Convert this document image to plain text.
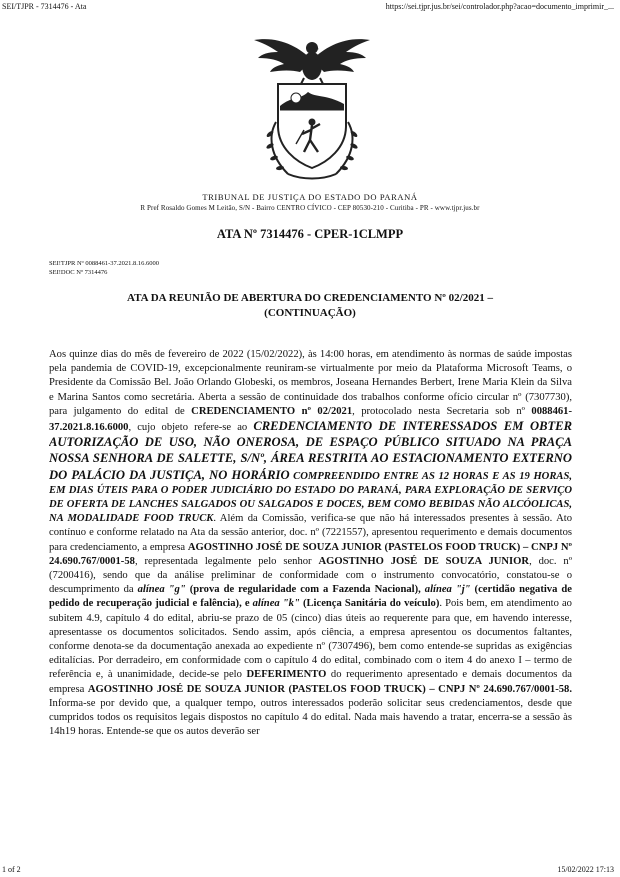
SEI/TJPR - 7314476 - Ata	https://sei.tjpr.jus.br/sei/controlador.php?acao=documento_imprimir_...
TRIBUNAL DE JUSTIÇA DO ESTADO DO PARANÁ
R Pref Rosaldo Gomes M Leitão, S/N - Bairro CENTRO CÍVICO - CEP 80530-210 - Curitiba - PR - www.tjpr.jus.br
ATA Nº 7314476 - CPER-1CLMPP
SEI!TJPR Nº 0088461-37.2021.8.16.6000
SEI!DOC Nº 7314476
ATA DA REUNIÃO DE ABERTURA DO CREDENCIAMENTO Nº 02/2021 – (CONTINUAÇÃO)

Aos quinze dias do mês de fevereiro de 2022 (15/02/2022), às 14:00 horas, em atendimento às normas de saúde impostas pela pandemia de COVID-19, excepcionalmente reuniram-se virtualmente por meio da Plataforma Microsoft Teams, o Presidente da Comissão Bel. João Orlando Globeski, os membros, Joseana Hernandes Berbert, Irene Maria Klein da Silva e Marina Santos como secretária. Aberta a sessão de continuidade dos trabalhos conforme ofício circular nº (7307730), para julgamento do edital de CREDENCIAMENTO nº 02/2021, protocolado nesta Secretaria sob nº 0088461-37.2021.8.16.6000, cujo objeto refere-se ao CREDENCIAMENTO DE INTERESSADOS EM OBTER AUTORIZAÇÃO DE USO, NÃO ONEROSA, DE ESPAÇO PÚBLICO SITUADO NA PRAÇA NOSSA SENHORA DE SALETTE, S/Nº, ÁREA RESTRITA AO ESTACIONAMENTO EXTERNO DO PALÁCIO DA JUSTIÇA, NO HORÁRIO COMPREENDIDO ENTRE AS 12 HORAS E AS 19 HORAS, EM DIAS ÚTEIS PARA O PODER JUDICIÁRIO DO ESTADO DO PARANÁ, PARA EXPLORAÇÃO DE SERVIÇO DE OFERTA DE LANCHES SALGADOS OU SALGADOS E DOCES, BEM COMO BEBIDAS NÃO ALCÓOLICAS, NA MODALIDADE FOOD TRUCK. Além da Comissão, verifica-se que não há interessados presentes à sessão. Ato contínuo e conforme relatado na Ata da sessão anterior, doc. nº (7221557), apresentou requerimento e demais documentos para credenciamento, a empresa AGOSTINHO JOSÉ DE SOUZA JUNIOR (PASTELOS FOOD TRUCK) – CNPJ Nº 24.690.767/0001-58, representada legalmente pelo senhor AGOSTINHO JOSÉ DE SOUZA JUNIOR, doc. nº (7200416), sendo que da análise preliminar de conformidade com o instrumento convocatório, constatou-se o descumprimento da alínea "g" (prova de regularidade com a Fazenda Nacional), alínea "j" (certidão negativa de pedido de recuperação judicial e falência), e alínea "k" (Licença Sanitária do veículo). Pois bem, em atendimento ao subitem 4.9, capítulo 4 do edital, abriu-se prazo de 05 (cinco) dias úteis ao requerente para que, em havendo interesse, apresentasse os documentos solicitados. Sendo assim, após ciência, a empresa apresentou os documentos faltantes, conforme denota-se da documentação anexada ao expediente nº (7307496), bem como entende-se supridas as exigências editalícias. Por derradeiro, em conformidade com o capítulo 4 do edital, combinado com o item 4 do anexo I – termo de referência e, à unanimidade, decide-se pelo DEFERIMENTO do requerimento apresentado e demais documentos da empresa AGOSTINHO JOSÉ DE SOUZA JUNIOR (PASTELOS FOOD TRUCK) – CNPJ Nº 24.690.767/0001-58. Informa-se por devido que, a qualquer tempo, outros interessados poderão solicitar seus credenciamentos, desde que cumpridos todos os requisitos legais dispostos no capítulo 4 do edital. Nada mais havendo a tratar, encerra-se a sessão às 14h19 horas. Entende-se que os autos deverão ser

1 of 2	15/02/2022 17:13
